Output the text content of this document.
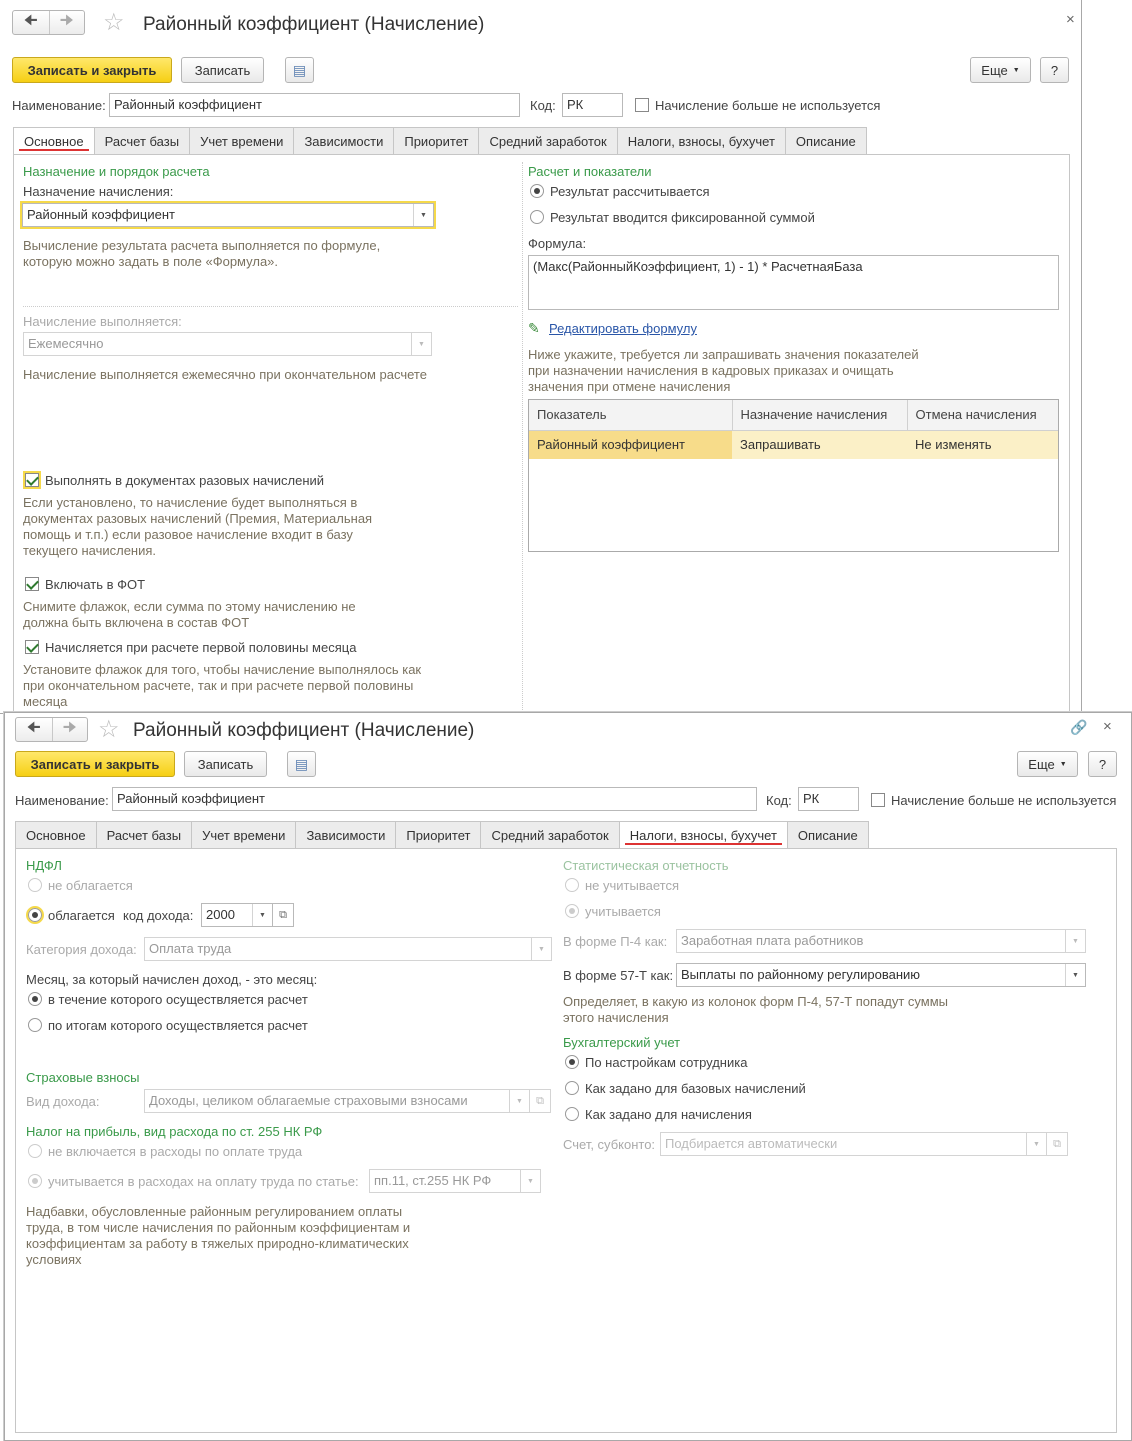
🠈	🠊	☆ Районный коэффициент (Начисление)	×
Записать и закрыть	Записать	▤	Еще ▼	?
Наименование: Районный коэффициент	Код: РК	Начисление больше не используется
Основное	Расчет базы	Учет времени	Зависимости	Приоритет	Средний заработок	Налоги, взносы, бухучет	Описание
Назначение и порядок расчета
Назначение начисления:
Районный коэффициент	▼
Вычисление результата расчета выполняется по формуле,
которую можно задать в поле «Формула».
Начисление выполняется:
Ежемесячно	▼
Начисление выполняется ежемесячно при окончательном расчете
Выполнять в документах разовых начислений
Если установлено, то начисление будет выполняться в
документах разовых начислений (Премия, Материальная
помощь и т.п.) если разовое начисление входит в базу
текущего начисления.
Включать в ФОТ
Снимите флажок, если сумма по этому начислению не
должна быть включена в состав ФОТ
Начисляется при расчете первой половины месяца
Установите флажок для того, чтобы начисление выполнялось как
при окончательном расчете, так и при расчете первой половины
месяца
Расчет и показатели
Результат рассчитывается
Результат вводится фиксированной суммой
Формула:
(Макс(РайонныйКоэффициент, 1) - 1) * РасчетнаяБаза
✎ Редактировать формулу
Ниже укажите, требуется ли запрашивать значения показателей
при назначении начисления в кадровых приказах и очищать
значения при отмене начисления
Показатель	Назначение начисления	Отмена начисления
Районный коэффициент	Запрашивать	Не изменять
🠈	🠊 ☆ Районный коэффициент (Начисление)	🔗 ×
Записать и закрыть	Записать	▤	Еще ▼	?
Наименование: Районный коэффициент	Код: РК	Начисление больше не используется
Основное	Расчет базы	Учет времени	Зависимости	Приоритет	Средний заработок	Налоги, взносы, бухучет	Описание
НДФЛ
не облагается
облагается код дохода: 2000	▼	⧉
Категория дохода: Оплата труда	▼
Месяц, за который начислен доход, - это месяц:
в течение которого осуществляется расчет
по итогам которого осуществляется расчет
Страховые взносы
Вид дохода:	Доходы, целиком облагаемые страховыми взносами	▼	⧉
Налог на прибыль, вид расхода по ст. 255 НК РФ
не включается в расходы по оплате труда
учитывается в расходах на оплату труда по статье:	пп.11, ст.255 НК РФ	▼
Надбавки, обусловленные районным регулированием оплаты
труда, в том числе начисления по районным коэффициентам и
коэффициентам за работу в тяжелых природно-климатических
условиях
Статистическая отчетность
не учитывается
учитывается
В форме П-4 как:	Заработная плата работников	▼
В форме 57-Т как: Выплаты по районному регулированию	▼
Определяет, в какую из колонок форм П-4, 57-Т попадут суммы
этого начисления
Бухгалтерский учет
По настройкам сотрудника
Как задано для базовых начислений
Как задано для начисления
Счет, субконто: Подбирается автоматически	▼	⧉
